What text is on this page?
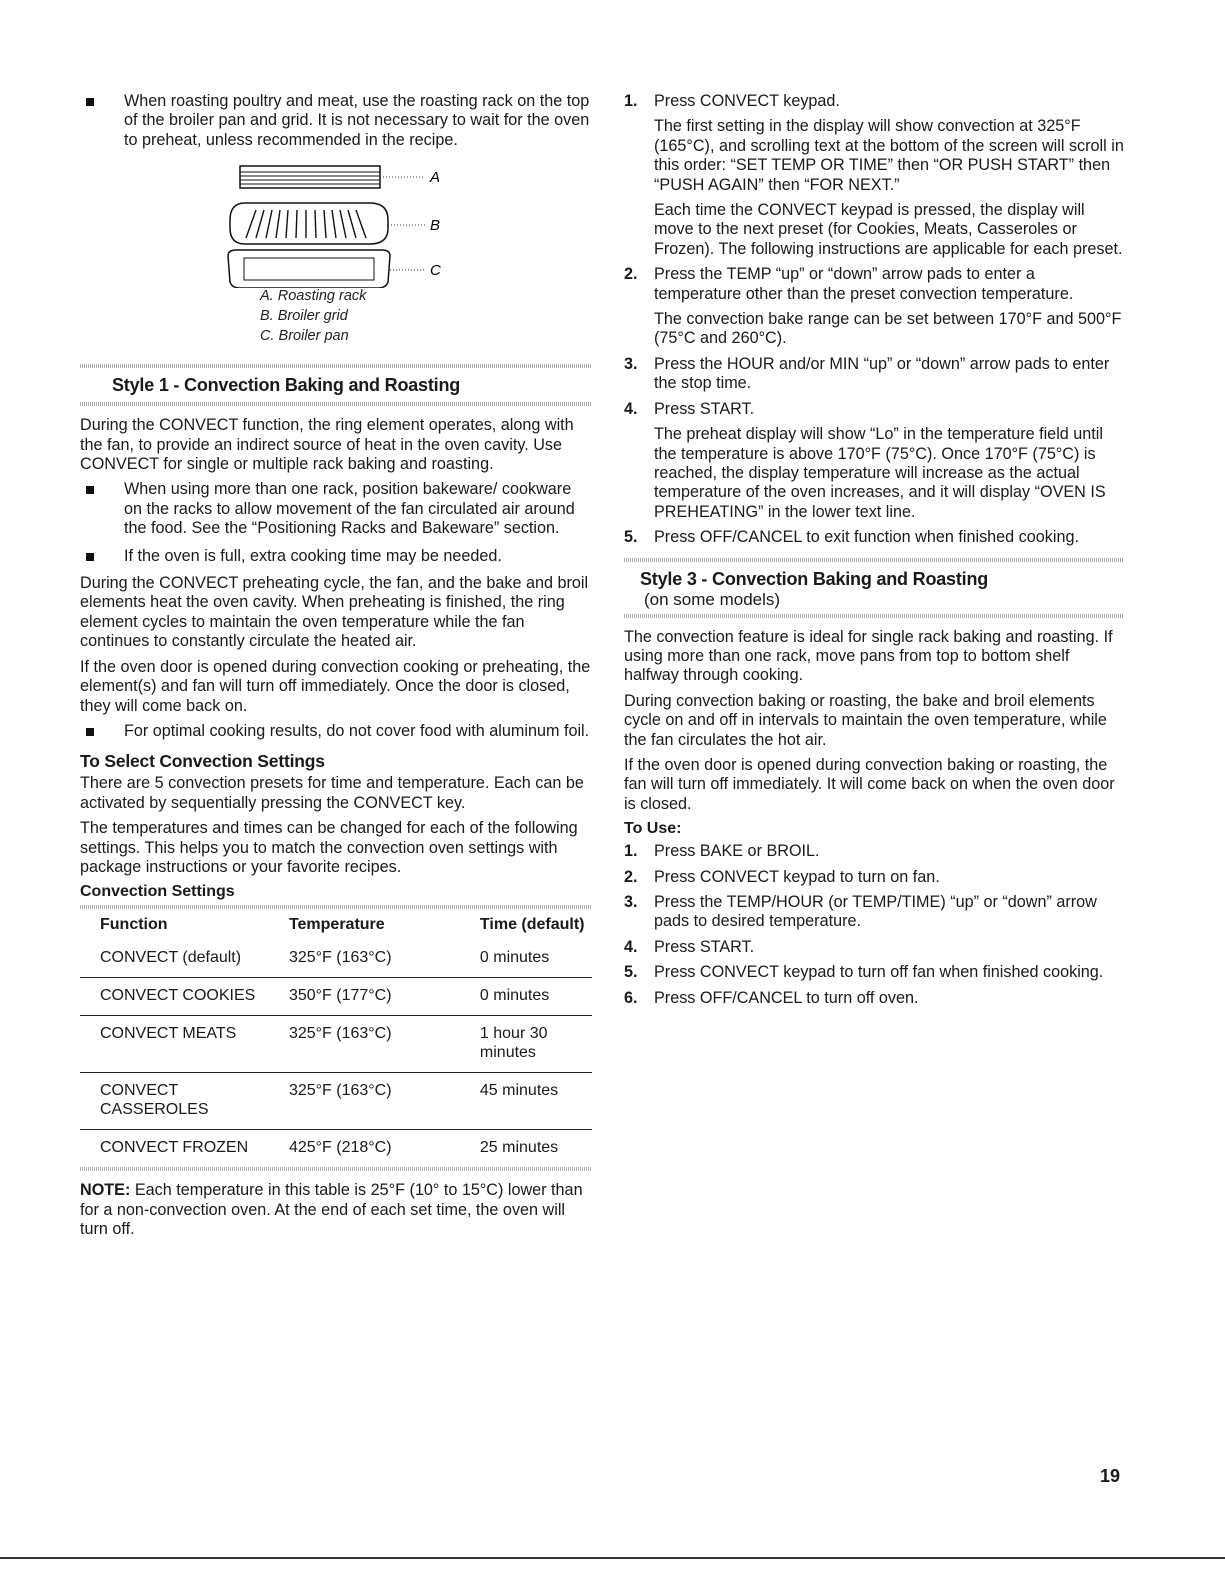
When roasting poultry and meat, use the roasting rack on the top of the broiler pan and grid. It is not necessary to wait for the oven to preheat, unless recommended in the recipe.
A
B
C
A. Roasting rack
B. Broiler grid
C. Broiler pan
Style 1 - Convection Baking and Roasting

During the CONVECT function, the ring element operates, along with the fan, to provide an indirect source of heat in the oven cavity. Use CONVECT for single or multiple rack baking and roasting.

When using more than one rack, position bakeware/ cookware on the racks to allow movement of the fan circulated air around the food. See the “Positioning Racks and Bakeware” section.
If the oven is full, extra cooking time may be needed.

During the CONVECT preheating cycle, the fan, and the bake and broil elements heat the oven cavity. When preheating is finished, the ring element cycles to maintain the oven temperature while the fan continues to constantly circulate the heated air.

If the oven door is opened during convection cooking or preheating, the element(s) and fan will turn off immediately. Once the door is closed, they will come back on.

For optimal cooking results, do not cover food with aluminum foil.
To Select Convection Settings

There are 5 convection presets for time and temperature. Each can be activated by sequentially pressing the CONVECT key.

The temperatures and times can be changed for each of the following settings. This helps you to match the convection oven settings with package instructions or your favorite recipes.

Convection Settings
Function	Temperature	Time (default)
CONVECT (default)	325°F (163°C)	0 minutes
CONVECT COOKIES	350°F (177°C)	0 minutes
CONVECT MEATS	325°F (163°C)	1 hour 30 minutes
CONVECT CASSEROLES	325°F (163°C)	45 minutes
CONVECT FROZEN	425°F (218°C)	25 minutes

NOTE: Each temperature in this table is 25°F (10° to 15°C) lower than for a non-convection oven. At the end of each set time, the oven will turn off.

1. Press CONVECT keypad.

The first setting in the display will show convection at 325°F (165°C), and scrolling text at the bottom of the screen will scroll in this order: “SET TEMP OR TIME” then “OR PUSH START” then “PUSH AGAIN” then “FOR NEXT.”

Each time the CONVECT keypad is pressed, the display will move to the next preset (for Cookies, Meats, Casseroles or Frozen). The following instructions are applicable for each preset.

2. Press the TEMP “up” or “down” arrow pads to enter a temperature other than the preset convection temperature.

The convection bake range can be set between 170°F and 500°F (75°C and 260°C).

3. Press the HOUR and/or MIN “up” or “down” arrow pads to enter the stop time.
4. Press START.

The preheat display will show “Lo” in the temperature field until the temperature is above 170°F (75°C). Once 170°F (75°C) is reached, the display temperature will increase as the actual temperature of the oven increases, and it will display “OVEN IS PREHEATING” in the lower text line.

5. Press OFF/CANCEL to exit function when finished cooking.
Style 3 - Convection Baking and Roasting
(on some models)

The convection feature is ideal for single rack baking and roasting. If using more than one rack, move pans from top to bottom shelf halfway through cooking.

During convection baking or roasting, the bake and broil elements cycle on and off in intervals to maintain the oven temperature, while the fan circulates the hot air.

If the oven door is opened during convection baking or roasting, the fan will turn off immediately. It will come back on when the oven door is closed.

To Use:
1. Press BAKE or BROIL.
2. Press CONVECT keypad to turn on fan.
3. Press the TEMP/HOUR (or TEMP/TIME) “up” or “down” arrow pads to desired temperature.
4. Press START.
5. Press CONVECT keypad to turn off fan when finished cooking.
6. Press OFF/CANCEL to turn off oven.
19
